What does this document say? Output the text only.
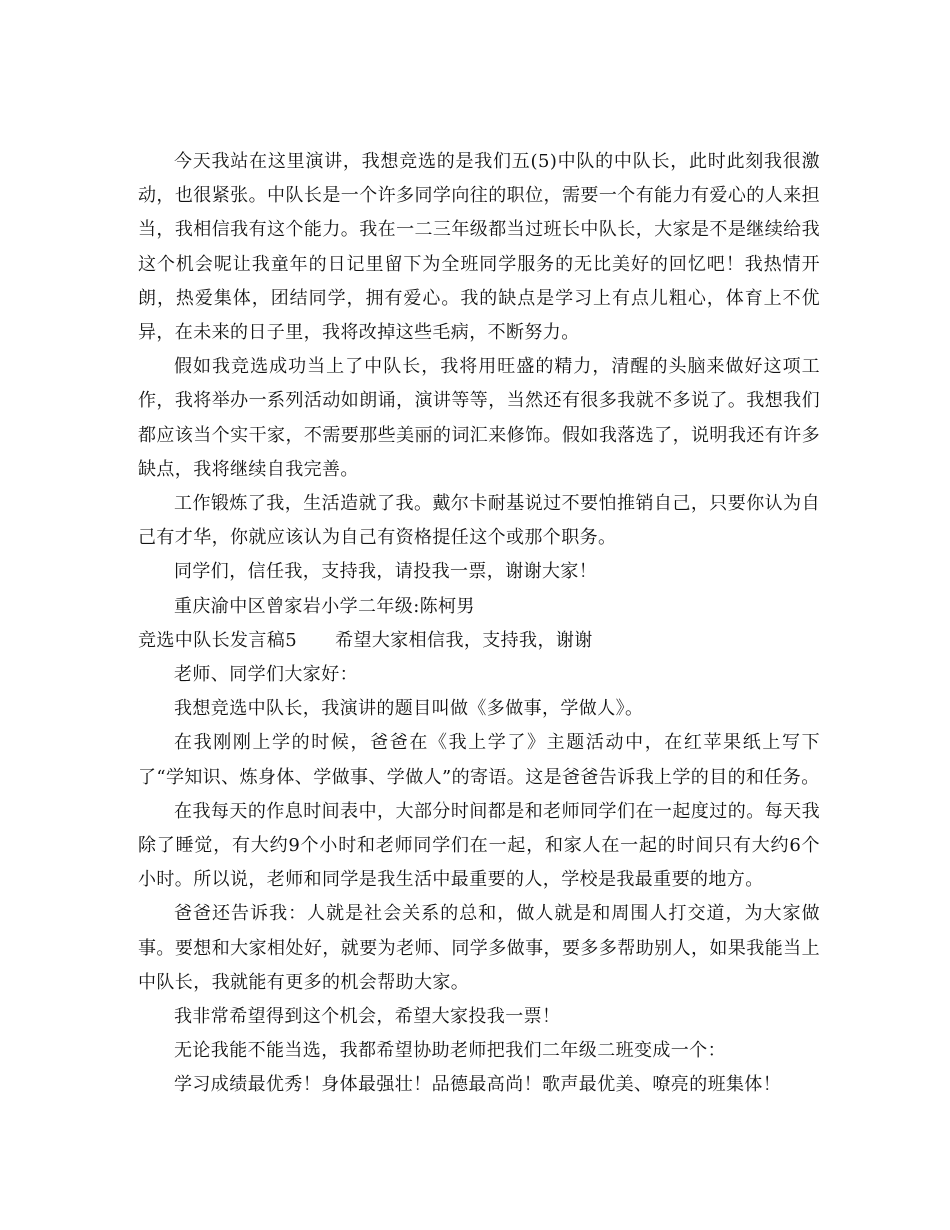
今天我站在这里演讲，我想竞选的是我们五(5)中队的中队长，此时此刻我很激动，也很紧张。中队长是一个许多同学向往的职位，需要一个有能力有爱心的人来担当，我相信我有这个能力。我在一二三年级都当过班长中队长，大家是不是继续给我这个机会呢让我童年的日记里留下为全班同学服务的无比美好的回忆吧！我热情开朗，热爱集体，团结同学，拥有爱心。我的缺点是学习上有点儿粗心，体育上不优异，在未来的日子里，我将改掉这些毛病，不断努力。

假如我竞选成功当上了中队长，我将用旺盛的精力，清醒的头脑来做好这项工作，我将举办一系列活动如朗诵，演讲等等，当然还有很多我就不多说了。我想我们都应该当个实干家，不需要那些美丽的词汇来修饰。假如我落选了，说明我还有许多缺点，我将继续自我完善。

工作锻炼了我，生活造就了我。戴尔卡耐基说过不要怕推销自己，只要你认为自己有才华，你就应该认为自己有资格提任这个或那个职务。

同学们，信任我，支持我，请投我一票，谢谢大家！

重庆渝中区曾家岩小学二年级:陈柯男

竞选中队长发言稿5 希望大家相信我，支持我，谢谢

老师、同学们大家好：

我想竞选中队长，我演讲的题目叫做《多做事，学做人》。

在我刚刚上学的时候，爸爸在《我上学了》主题活动中，在红苹果纸上写下了“学知识、炼身体、学做事、学做人”的寄语。这是爸爸告诉我上学的目的和任务。

在我每天的作息时间表中，大部分时间都是和老师同学们在一起度过的。每天我除了睡觉，有大约9个小时和老师同学们在一起，和家人在一起的时间只有大约6个小时。所以说，老师和同学是我生活中最重要的人，学校是我最重要的地方。

爸爸还告诉我：人就是社会关系的总和，做人就是和周围人打交道，为大家做事。要想和大家相处好，就要为老师、同学多做事，要多多帮助别人，如果我能当上中队长，我就能有更多的机会帮助大家。

我非常希望得到这个机会，希望大家投我一票！

无论我能不能当选，我都希望协助老师把我们二年级二班变成一个：

学习成绩最优秀！身体最强壮！品德最高尚！歌声最优美、嘹亮的班集体！
